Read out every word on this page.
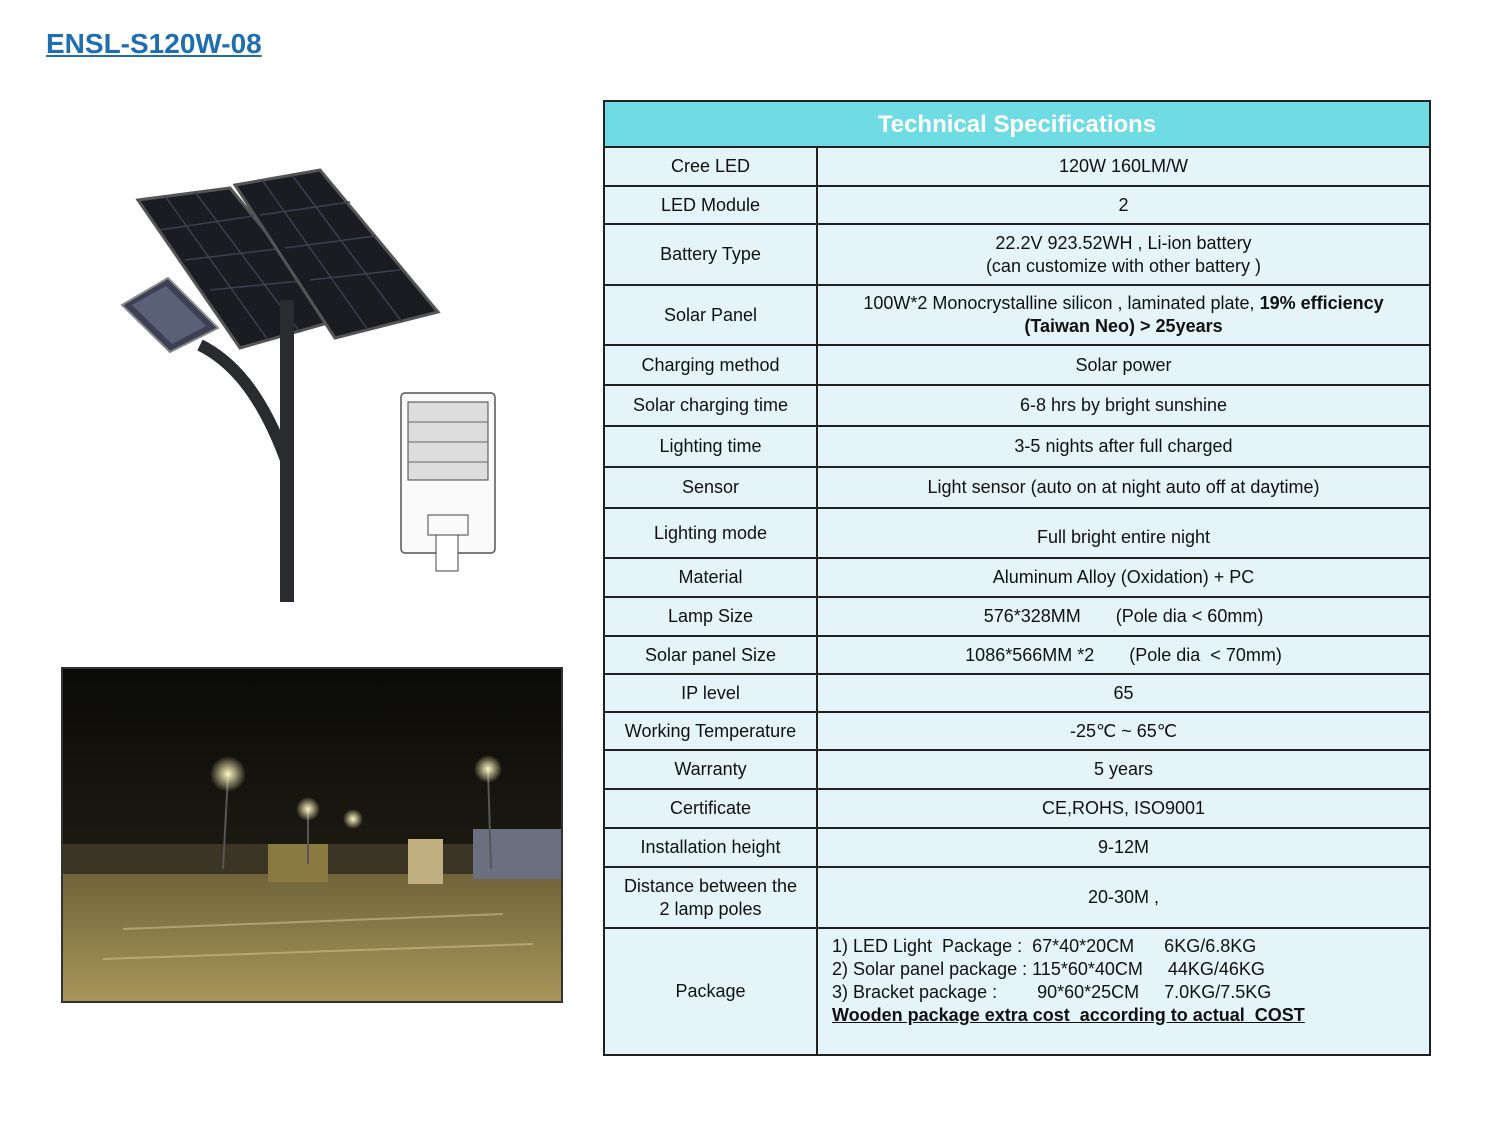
ENSL-S120W-08
Technical Specifications	
Cree LED	120W 160LM/W
LED Module	2
Battery Type	22.2V 923.52WH , Li-ion battery
(can customize with other battery )

Solar Panel	100W*2 Monocrystalline silicon , laminated plate, 19% efficiency
(Taiwan Neo) > 25years

Charging method	Solar power
Solar charging time	6-8 hrs by bright sunshine
Lighting time	3-5 nights after full charged
Sensor	Light sensor (auto on at night auto off at daytime)
Lighting mode	Full bright entire night
Material	Aluminum Alloy (Oxidation) + PC
Lamp Size	576*328MM       (Pole dia < 60mm)
Solar panel Size	1086*566MM *2       (Pole dia  < 70mm)
IP level	65
Working Temperature	-25℃ ~ 65℃
Warranty	5 years
Certificate	CE,ROHS, ISO9001
Installation height	9-12M

Distance between the
2 lamp poles	20-30M ,
Package	1) LED Light  Package :  67*40*20CM      6KG/6.8KG
2) Solar panel package : 115*60*40CM     44KG/46KG
3) Bracket package :        90*60*25CM     7.0KG/7.5KG
Wooden package extra cost  according to actual  COST
